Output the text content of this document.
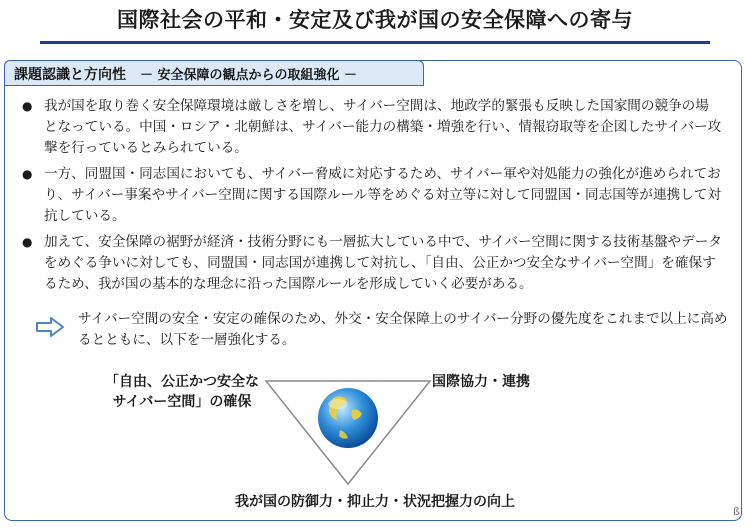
国際社会の平和・安定及び我が国の安全保障への寄与
課題認識と方向性 － 安全保障の観点からの取組強化 －
● 我が国を取り巻く安全保障環境は厳しさを増し、サイバー空間は、地政学的緊張も反映した国家間の競争の場となっている。中国・ロシア・北朝鮮は、サイバー能力の構築・増強を行い、情報窃取等を企図したサイバー攻撃を行っているとみられている。
● 一方、同盟国・同志国においても、サイバー脅威に対応するため、サイバー軍や対処能力の強化が進められており、サイバー事案やサイバー空間に関する国際ルール等をめぐる対立等に対して同盟国・同志国等が連携して対抗している。
● 加えて、安全保障の裾野が経済・技術分野にも一層拡大している中で、サイバー空間に関する技術基盤やデータをめぐる争いに対しても、同盟国・同志国が連携して対抗し、「自由、公正かつ安全なサイバー空間」を確保するため、我が国の基本的な理念に沿った国際ルールを形成していく必要がある。
サイバー空間の安全・安定の確保のため、外交・安全保障上のサイバー分野の優先度をこれまで以上に高めるとともに、以下を一層強化する。
「自由、公正かつ安全な
サイバー空間」の確保
国際協力・連携
我が国の防御力・抑止力・状況把握力の向上
ß
